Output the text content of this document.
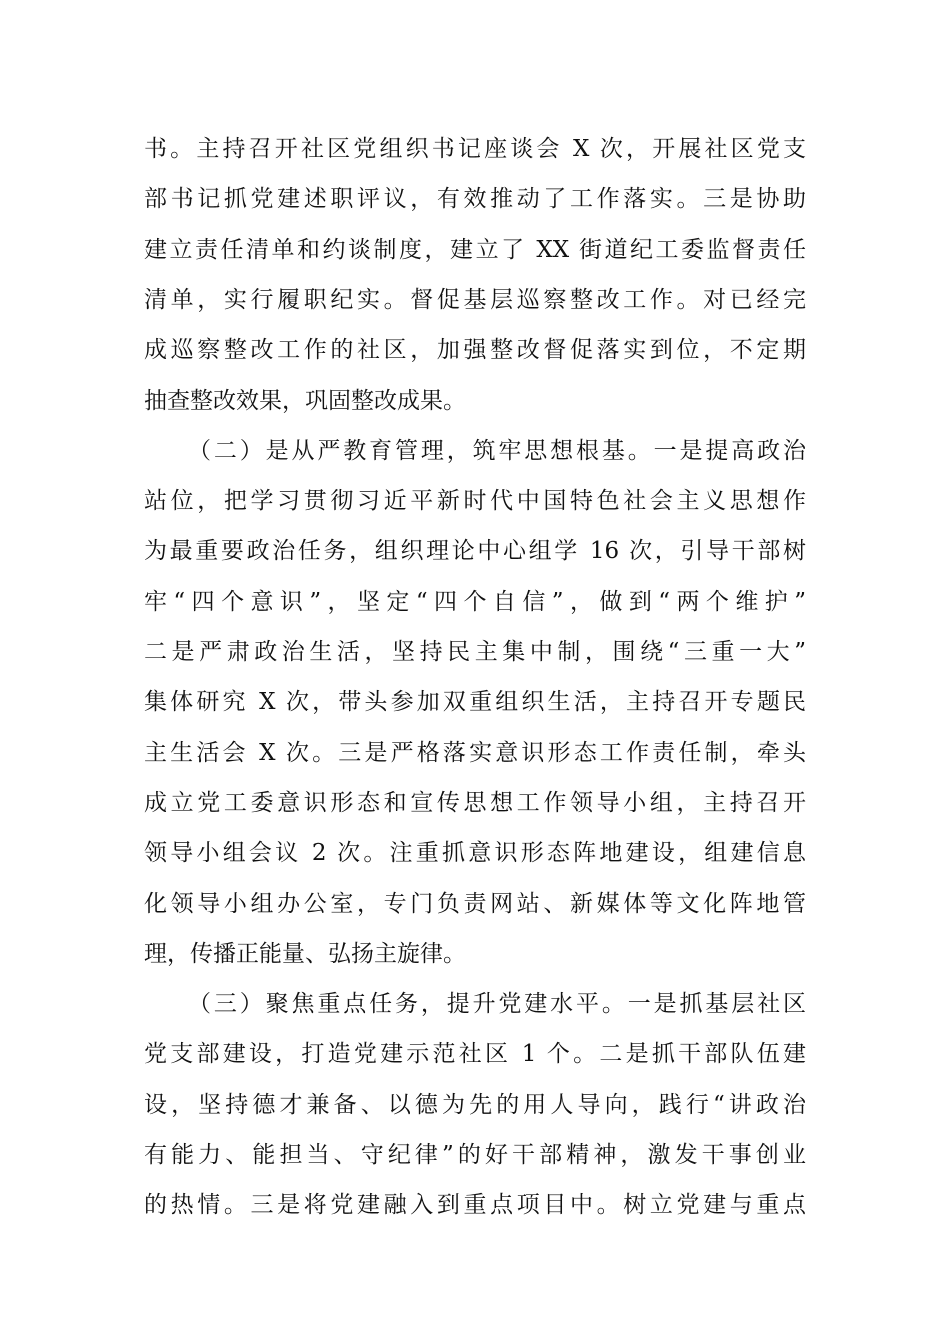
书。主持召开社区党组织书记座谈会 X 次，开展社区党支
部书记抓党建述职评议，有效推动了工作落实。三是协助
建立责任清单和约谈制度，建立了 XX 街道纪工委监督责任
清单，实行履职纪实。督促基层巡察整改工作。对已经完
成巡察整改工作的社区，加强整改督促落实到位，不定期
抽查整改效果，巩固整改成果。
（二）是从严教育管理，筑牢思想根基。一是提高政治
站位，把学习贯彻习近平新时代中国特色社会主义思想作
为最重要政治任务，组织理论中心组学 16 次，引导干部树
牢“四个意识”，坚定“四个自信”，做到“两个维护”
二是严肃政治生活，坚持民主集中制，围绕“三重一大”
集体研究 X 次，带头参加双重组织生活，主持召开专题民
主生活会 X 次。三是严格落实意识形态工作责任制，牵头
成立党工委意识形态和宣传思想工作领导小组，主持召开
领导小组会议 2 次。注重抓意识形态阵地建设，组建信息
化领导小组办公室，专门负责网站、新媒体等文化阵地管
理，传播正能量、弘扬主旋律。
（三）聚焦重点任务，提升党建水平。一是抓基层社区
党支部建设，打造党建示范社区 1 个。二是抓干部队伍建
设，坚持德才兼备、以德为先的用人导向，践行“讲政治
有能力、能担当、守纪律”的好干部精神，激发干事创业
的热情。三是将党建融入到重点项目中。树立党建与重点
